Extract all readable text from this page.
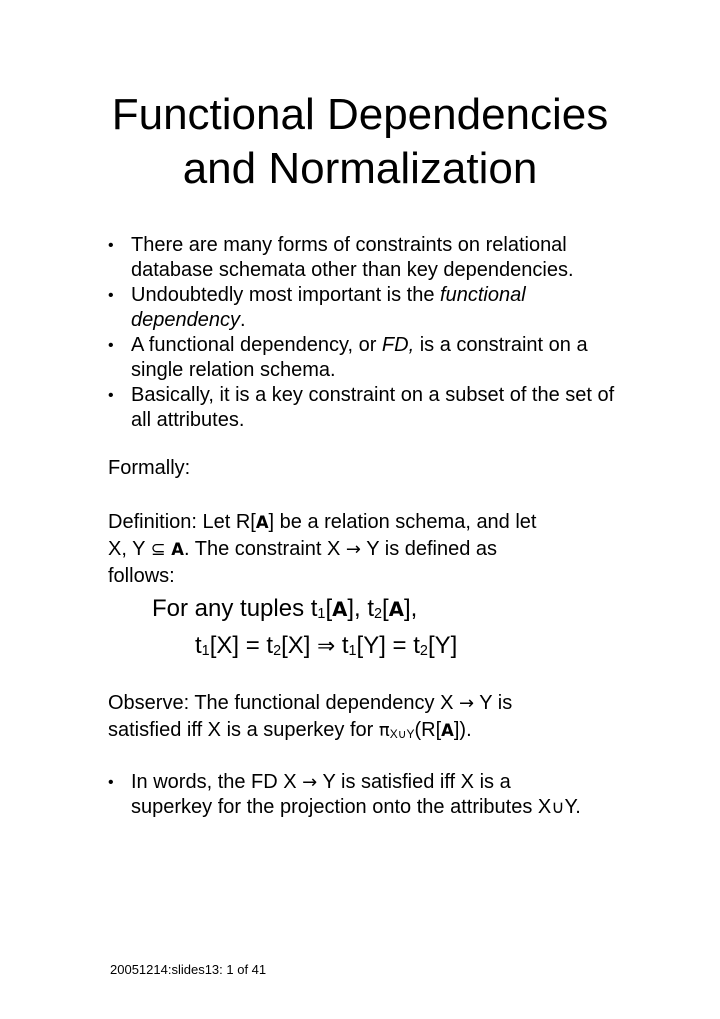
Functional Dependencies
and Normalization
• There are many forms of constraints on relational database schemata other than key dependencies.
• Undoubtedly most important is the functional dependency.
• A functional dependency, or FD, is a constraint on a single relation schema.
• Basically, it is a key constraint on a subset of the set of all attributes.
Formally:
Definition: Let R[A] be a relation schema, and let
X, Y ⊆ A. The constraint X → Y is defined as
follows:
For any tuples $t_1[A]$, $t_2[A]$,
$t_1[X] = t_2[X]$ ⇒ $t_1[Y] = t_2[Y]$
Observe: The functional dependency X → Y is
satisfied iff X is a superkey for $\pi_{X\cup Y}(R[A])$.
• In words, the FD X → Y is satisfied iff X is a superkey for the projection onto the attributes X∪Y.
20051214:slides13: 1 of 41
